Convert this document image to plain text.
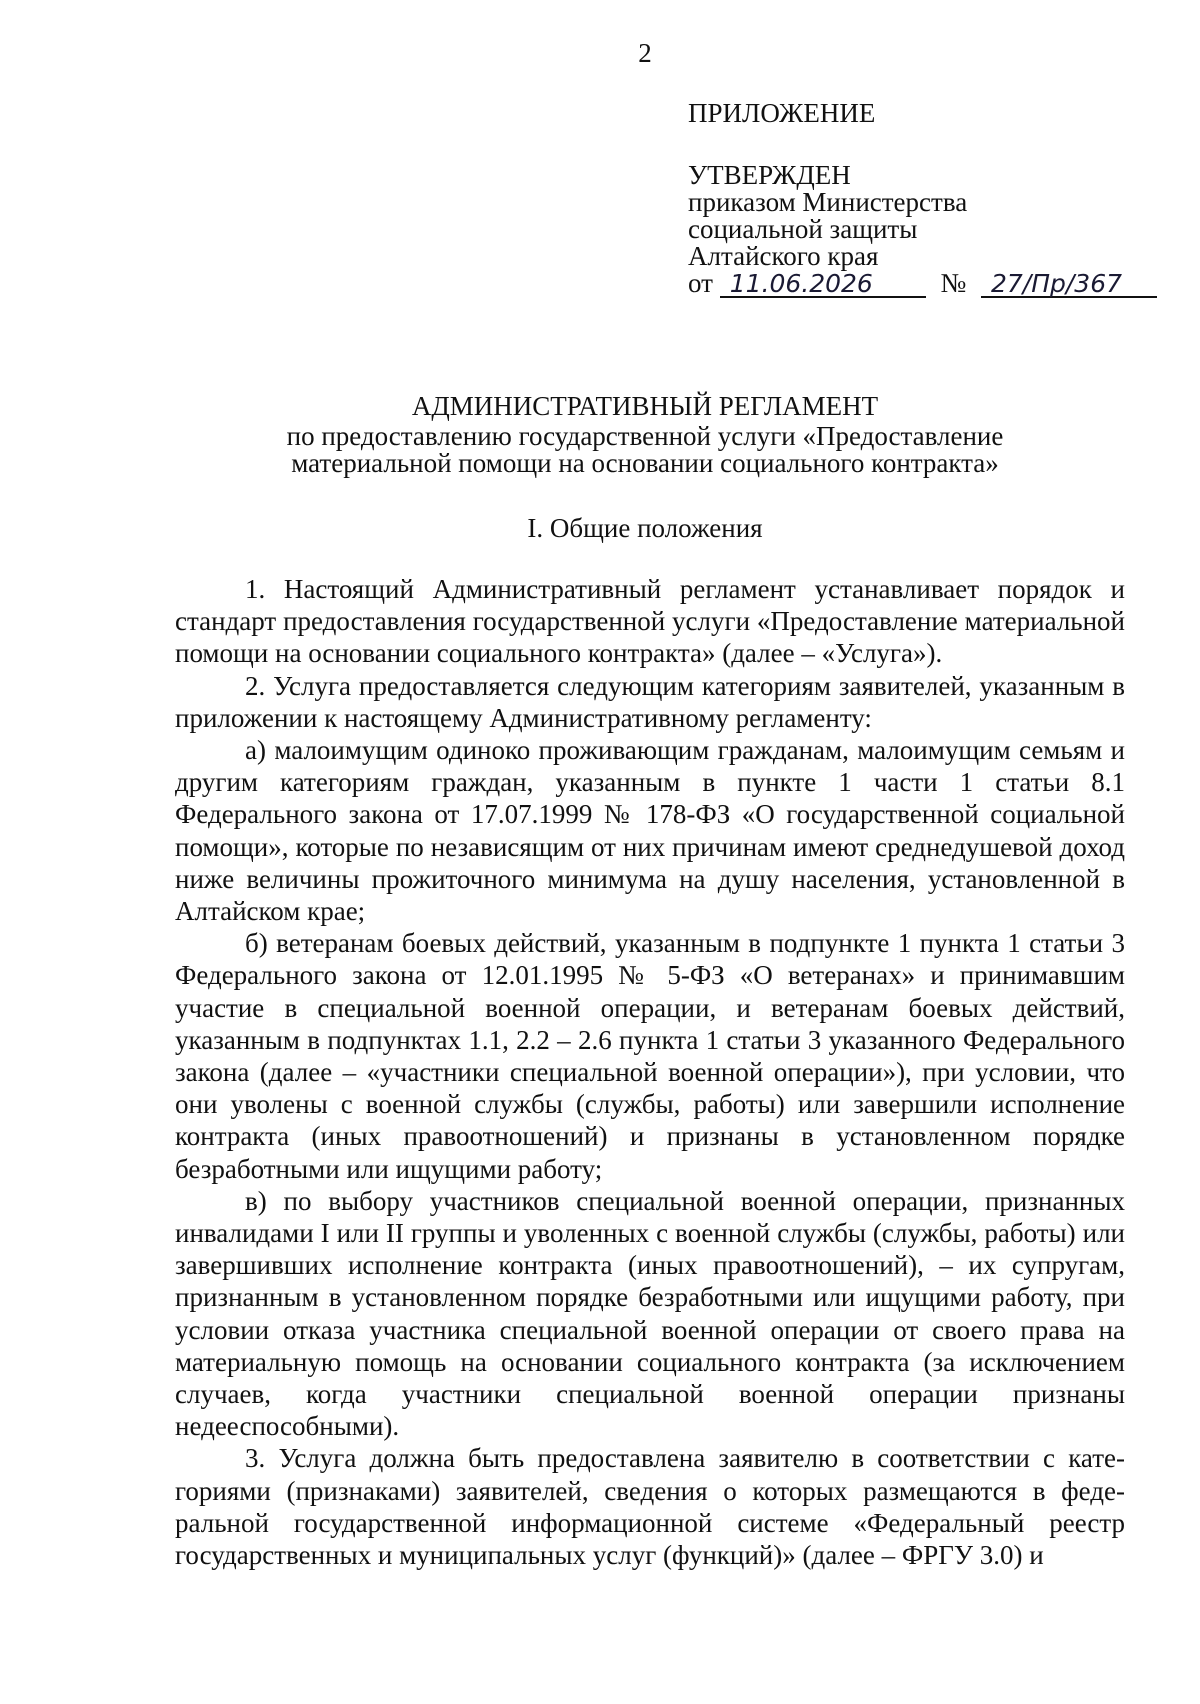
2
ПРИЛОЖЕНИЕ
УТВЕРЖДЕН
приказом Министерства
социальной защиты
Алтайского края
от 11.06.2026	№ 27/Пр/367
АДМИНИСТРАТИВНЫЙ РЕГЛАМЕНТ
по предоставлению государственной услуги «Предоставление
материальной помощи на основании социального контракта»
I. Общие положения

1. Настоящий Административный регламент устанавливает порядок и стандарт предоставления государственной услуги «Предоставление материальной помощи на основании социального контракта» (далее – «Услуга»).

2. Услуга предоставляется следующим категориям заявителей, указанным в приложении к настоящему Административному регламенту:

а) малоимущим одиноко проживающим гражданам, малоимущим семьям и другим категориям граждан, указанным в пункте 1 части 1 статьи 8.1 Федерального закона от 17.07.1999 № 178-ФЗ «О государственной социальной помощи», которые по независящим от них причинам имеют среднедушевой доход ниже величины прожиточного минимума на душу населения, установленной в Алтайском крае;

б) ветеранам боевых действий, указанным в подпункте 1 пункта 1 статьи 3 Федерального закона от 12.01.1995 № 5-ФЗ «О ветеранах» и принимавшим участие в специальной военной операции, и ветеранам боевых действий, указанным в подпунктах 1.1, 2.2 – 2.6 пункта 1 статьи 3 указанного Федерального закона (далее – «участники специальной военной операции»), при условии, что они уволены с военной службы (службы, работы) или завершили исполнение контракта (иных правоотношений) и признаны в установленном порядке безработными или ищущими работу;

в) по выбору участников специальной военной операции, признанных инвалидами I или II группы и уволенных с военной службы (службы, работы) или завершивших исполнение контракта (иных правоотношений), – их супругам, признанным в установленном порядке безработными или ищущими работу, при условии отказа участника специальной военной операции от своего права на материальную помощь на основании социального контракта (за исключением случаев, когда участники специальной военной операции признаны недееспособными).

3. Услуга должна быть предоставлена заявителю в соответствии с категориями (признаками) заявителей, сведения о которых размещаются в федеральной государственной информационной системе «Федеральный реестр государственных и муниципальных услуг (функций)» (далее – ФРГУ 3.0) и
